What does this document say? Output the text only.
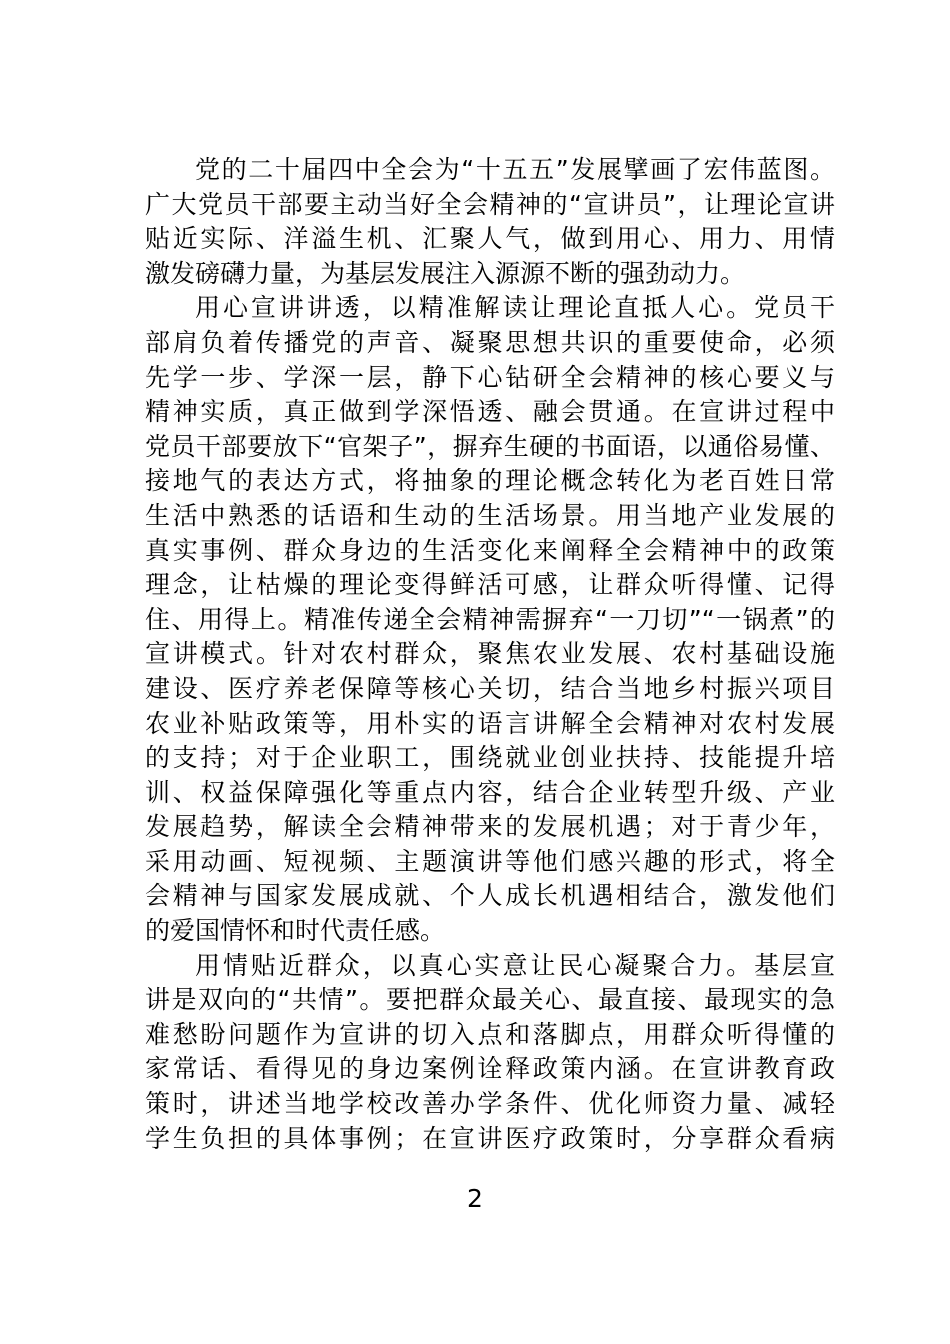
党的二十届四中全会为“十五五”发展擘画了宏伟蓝图。
广大党员干部要主动当好全会精神的“宣讲员”，让理论宣讲
贴近实际、洋溢生机、汇聚人气，做到用心、用力、用情
激发磅礴力量，为基层发展注入源源不断的强劲动力。
用心宣讲讲透，以精准解读让理论直抵人心。党员干
部肩负着传播党的声音、凝聚思想共识的重要使命，必须
先学一步、学深一层，静下心钻研全会精神的核心要义与
精神实质，真正做到学深悟透、融会贯通。在宣讲过程中
党员干部要放下“官架子”，摒弃生硬的书面语，以通俗易懂、
接地气的表达方式，将抽象的理论概念转化为老百姓日常
生活中熟悉的话语和生动的生活场景。用当地产业发展的
真实事例、群众身边的生活变化来阐释全会精神中的政策
理念，让枯燥的理论变得鲜活可感，让群众听得懂、记得
住、用得上。精准传递全会精神需摒弃“一刀切”“一锅煮”的
宣讲模式。针对农村群众，聚焦农业发展、农村基础设施
建设、医疗养老保障等核心关切，结合当地乡村振兴项目
农业补贴政策等，用朴实的语言讲解全会精神对农村发展
的支持；对于企业职工，围绕就业创业扶持、技能提升培
训、权益保障强化等重点内容，结合企业转型升级、产业
发展趋势，解读全会精神带来的发展机遇；对于青少年，
采用动画、短视频、主题演讲等他们感兴趣的形式，将全
会精神与国家发展成就、个人成长机遇相结合，激发他们
的爱国情怀和时代责任感。
用情贴近群众，以真心实意让民心凝聚合力。基层宣
讲是双向的“共情”。要把群众最关心、最直接、最现实的急
难愁盼问题作为宣讲的切入点和落脚点，用群众听得懂的
家常话、看得见的身边案例诠释政策内涵。在宣讲教育政
策时，讲述当地学校改善办学条件、优化师资力量、减轻
学生负担的具体事例；在宣讲医疗政策时，分享群众看病
2
